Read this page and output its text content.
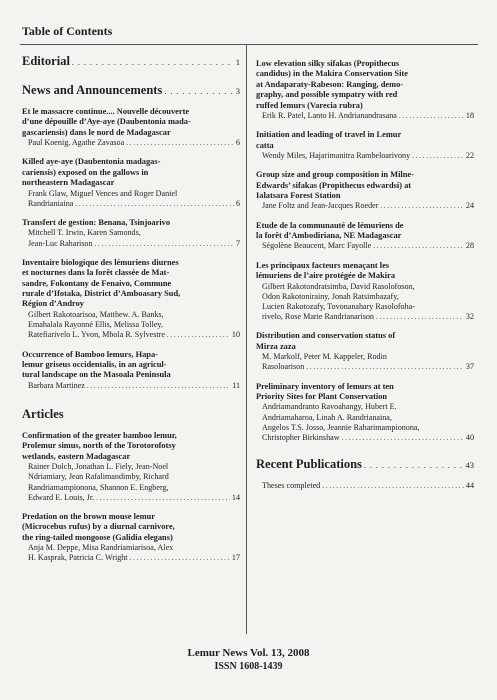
Table of Contents
Editorial . . .	1
News and Announcements . . .	3
Et le massacre continue.... Nouvelle découverte
d’une dépouille d’Aye-aye (Daubentonia mada-
gascariensis) dans le nord de Madagascar
Paul Koenig, Agathe Zavasoa . . .	6
Killed aye-aye (Daubentonia madagas-
cariensis) exposed on the gallows in
northeastern Madagascar
Frank Glaw, Miguel Vences and Roger Daniel
Randrianiaina . . .	6
Transfert de gestion: Benana, Tsinjoarivo
Mitchell T. Irwin, Karen Samonds,
Jean-Luc Raharison . . .	7
Inventaire biologique des lémuriens diurnes
et nocturnes dans la forêt classée de Mat-
sandre, Fokontany de Fenaivo, Commune
rurale d’Ifotaka, District d’Amboasary Sud,
Région d’Androy
Gilbert Rakotoarisoa, Matthew. A. Banks,
Emahalala Rayonné Ellis, Melissa Tolley,
Ratefiarivelo L. Yvon, Mbola R. Sylvestre . . .	10
Occurrence of Bamboo lemurs, Hapa-
lemur griseus occidentalis, in an agricul-
tural landscape on the Masoala Peninsula
Barbara Martinez . . .	11
Articles
Confirmation of the greater bamboo lemur,
Prolemur simus, north of the Torotorofotsy
wetlands, eastern Madagascar
Rainer Dolch, Jonathan L. Fiely, Jean-Noel
Ndriamiary, Jean Rafalimandimby, Richard
Randriamampionona, Shannon E. Engberg,
Edward E. Louis, Jr. . . .	14
Predation on the brown mouse lemur
(Microcebus rufus) by a diurnal carnivore,
the ring-tailed mongoose (Galidia elegans)
Anja M. Deppe, Misa Randriamiarisoa, Alex
H. Kasprak, Patricia C. Wright . . .	17
Low elevation silky sifakas (Propithecus
candidus) in the Makira Conservation Site
at Andaparaty-Rabeson: Ranging, demo-
graphy, and possible sympatry with red
ruffed lemurs (Varecia rubra)
Erik R. Patel, Lanto H. Andrianandrasana . . .	18
Initiation and leading of travel in Lemur
catta
Wendy Miles, Hajarimanitra Rambeloarivony . . .	22
Group size and group composition in Milne-
Edwards’ sifakas (Propithecus edwardsi) at
Ialatsara Forest Station
Jane Foltz and Jean-Jacques Roeder . . .	24
Etude de la communauté de lémuriens de
la forêt d’Ambodiriana, NE Madagascar
Ségolène Beaucent, Marc Fayolle . . .	28
Les principaux facteurs menaçant les
lémuriens de l’aire protégée de Makira
Gilbert Rakotondratsimba, David Rasolofoson,
Odon Rakotonirainy, Jonah Ratsimbazafy,
Lucien Rakotozafy, Tovonanahary Rasolofoha-
rivelo, Rose Marie Randrianarison . . .	32
Distribution and conservation status of
Mirza zaza
M. Markolf, Peter M. Kappeler, Rodin
Rasoloarison . . .	37
Preliminary inventory of lemurs at ten
Priority Sites for Plant Conservation
Andriamandranto Ravoahangy, Hubert E.
Andriamaharoa, Linah A. Randrianaina,
Angelos T.S. Josso, Jeannie Raharimampionona,
Christopher Birkinshaw . . .	40
Recent Publications . . .	43
Theses completed . . .	44
Lemur News Vol. 13, 2008
ISSN 1608-1439
